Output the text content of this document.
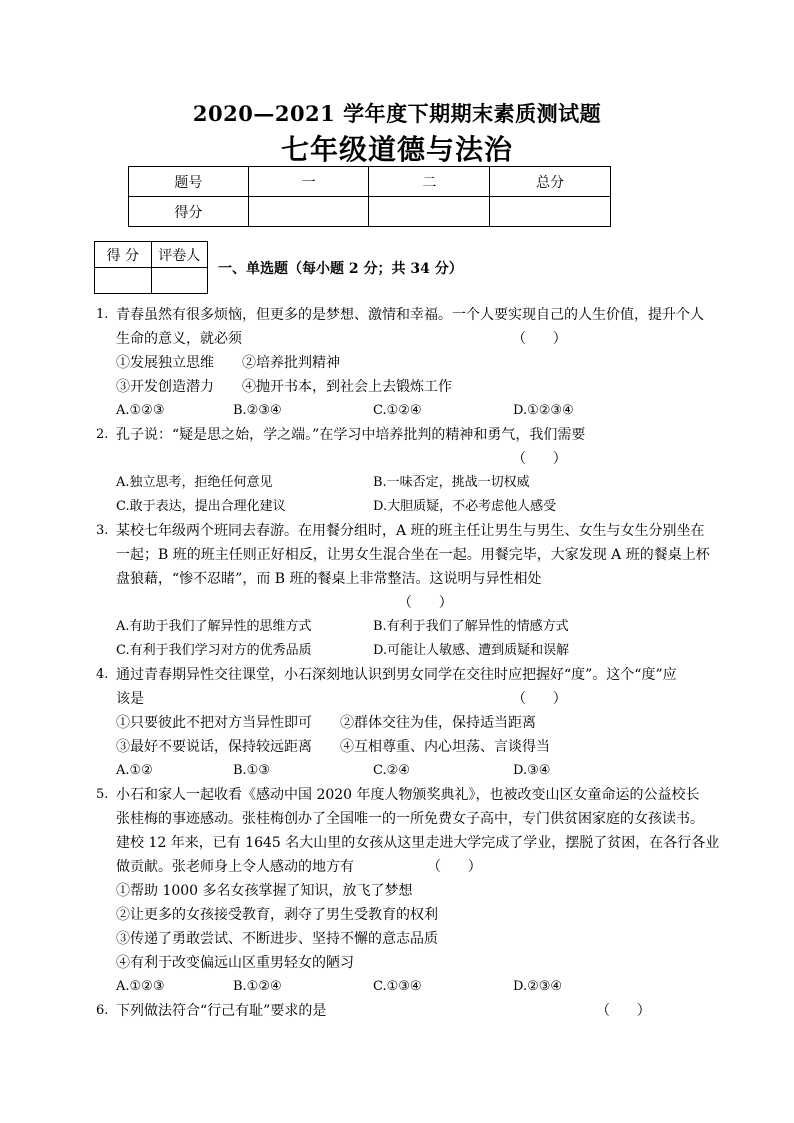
2020—2021 学年度下期期末素质测试题
七年级道德与法治
题号	一	二	总分
得分			
得 分	评卷人

一、单选题（每小题 2 分；共 34 分）
1. 青春虽然有很多烦恼，但更多的是梦想、激情和幸福。一个人要实现自己的人生价值，提升个人
生命的意义，就必须	（      ）
①发展独立思维　　②培养批判精神
③开发创造潜力　　④抛开书本，到社会上去锻炼工作
A.①②③	B.②③④	C.①②④	D.①②③④
2. 孔子说：“疑是思之始，学之端。”在学习中培养批判的精神和勇气，我们需要
（      ）
A.独立思考，拒绝任何意见	B.一味否定，挑战一切权威
C.敢于表达，提出合理化建议	D.大胆质疑，不必考虑他人感受
3. 某校七年级两个班同去春游。在用餐分组时，A 班的班主任让男生与男生、女生与女生分别坐在
一起；B 班的班主任则正好相反，让男女生混合坐在一起。用餐完毕，大家发现 A 班的餐桌上杯
盘狼藉，“惨不忍睹”，而 B 班的餐桌上非常整洁。这说明与异性相处
（      ）
A.有助于我们了解异性的思维方式	B.有利于我们了解异性的情感方式
C.有利于我们学习对方的优秀品质	D.可能让人敏感、遭到质疑和误解
4. 通过青春期异性交往课堂，小石深刻地认识到男女同学在交往时应把握好“度”。这个“度”应
该是	（      ）
①只要彼此不把对方当异性即可　　②群体交往为佳，保持适当距离
③最好不要说话，保持较远距离　　④互相尊重、内心坦荡、言谈得当
A.①②	B.①③	C.②④	D.③④
5. 小石和家人一起收看《感动中国 2020 年度人物颁奖典礼》，也被改变山区女童命运的公益校长
张桂梅的事迹感动。张桂梅创办了全国唯一的一所免费女子高中，专门供贫困家庭的女孩读书。
建校 12 年来，已有 1645 名大山里的女孩从这里走进大学完成了学业，摆脱了贫困，在各行各业
做贡献。张老师身上令人感动的地方有	（      ）
①帮助 1000 多名女孩掌握了知识，放飞了梦想
②让更多的女孩接受教育，剥夺了男生受教育的权利
③传递了勇敢尝试、不断进步、坚持不懈的意志品质
④有利于改变偏远山区重男轻女的陋习
A.①②③	B.①②④	C.①③④	D.②③④
6. 下列做法符合“行己有耻”要求的是	（      ）
